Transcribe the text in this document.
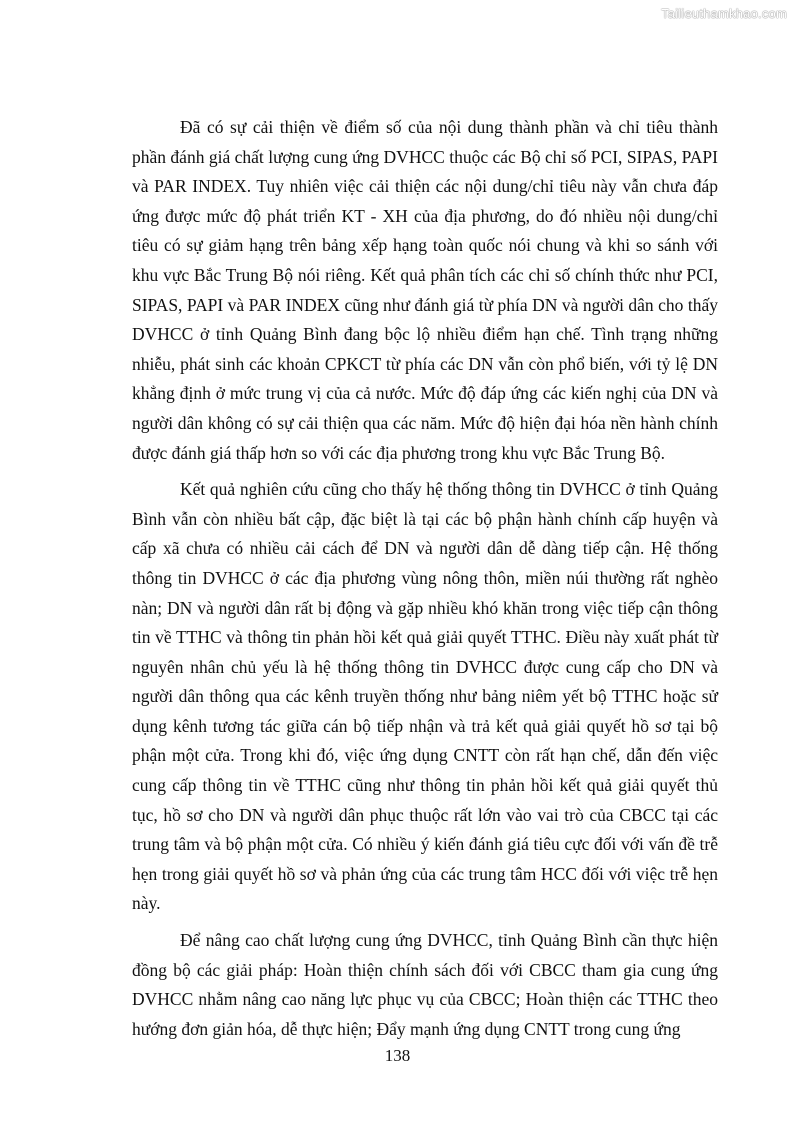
Tailieuthamkhao.com

Đã có sự cải thiện về điểm số của nội dung thành phần và chỉ tiêu thành phần đánh giá chất lượng cung ứng DVHCC thuộc các Bộ chỉ số PCI, SIPAS, PAPI và PAR INDEX. Tuy nhiên việc cải thiện các nội dung/chỉ tiêu này vẫn chưa đáp ứng được mức độ phát triển KT - XH của địa phương, do đó nhiều nội dung/chỉ tiêu có sự giảm hạng trên bảng xếp hạng toàn quốc nói chung và khi so sánh với khu vực Bắc Trung Bộ nói riêng. Kết quả phân tích các chỉ số chính thức như PCI, SIPAS, PAPI và PAR INDEX cũng như đánh giá từ phía DN và người dân cho thấy DVHCC ở tỉnh Quảng Bình đang bộc lộ nhiều điểm hạn chế. Tình trạng những nhiễu, phát sinh các khoản CPKCT từ phía các DN vẫn còn phổ biến, với tỷ lệ DN khẳng định ở mức trung vị của cả nước. Mức độ đáp ứng các kiến nghị của DN và người dân không có sự cải thiện qua các năm. Mức độ hiện đại hóa nền hành chính được đánh giá thấp hơn so với các địa phương trong khu vực Bắc Trung Bộ.

Kết quả nghiên cứu cũng cho thấy hệ thống thông tin DVHCC ở tỉnh Quảng Bình vẫn còn nhiều bất cập, đặc biệt là tại các bộ phận hành chính cấp huyện và cấp xã chưa có nhiều cải cách để DN và người dân dễ dàng tiếp cận. Hệ thống thông tin DVHCC ở các địa phương vùng nông thôn, miền núi thường rất nghèo nàn; DN và người dân rất bị động và gặp nhiều khó khăn trong việc tiếp cận thông tin về TTHC và thông tin phản hồi kết quả giải quyết TTHC. Điều này xuất phát từ nguyên nhân chủ yếu là hệ thống thông tin DVHCC được cung cấp cho DN và người dân thông qua các kênh truyền thống như bảng niêm yết bộ TTHC hoặc sử dụng kênh tương tác giữa cán bộ tiếp nhận và trả kết quả giải quyết hồ sơ tại bộ phận một cửa. Trong khi đó, việc ứng dụng CNTT còn rất hạn chế, dẫn đến việc cung cấp thông tin về TTHC cũng như thông tin phản hồi kết quả giải quyết thủ tục, hồ sơ cho DN và người dân phục thuộc rất lớn vào vai trò của CBCC tại các trung tâm và bộ phận một cửa. Có nhiều ý kiến đánh giá tiêu cực đối với vấn đề trễ hẹn trong giải quyết hồ sơ và phản ứng của các trung tâm HCC đối với việc trễ hẹn này.

Để nâng cao chất lượng cung ứng DVHCC, tỉnh Quảng Bình cần thực hiện đồng bộ các giải pháp: Hoàn thiện chính sách đối với CBCC tham gia cung ứng DVHCC nhằm nâng cao năng lực phục vụ của CBCC; Hoàn thiện các TTHC theo hướng đơn giản hóa, dễ thực hiện; Đẩy mạnh ứng dụng CNTT trong cung ứng

138
